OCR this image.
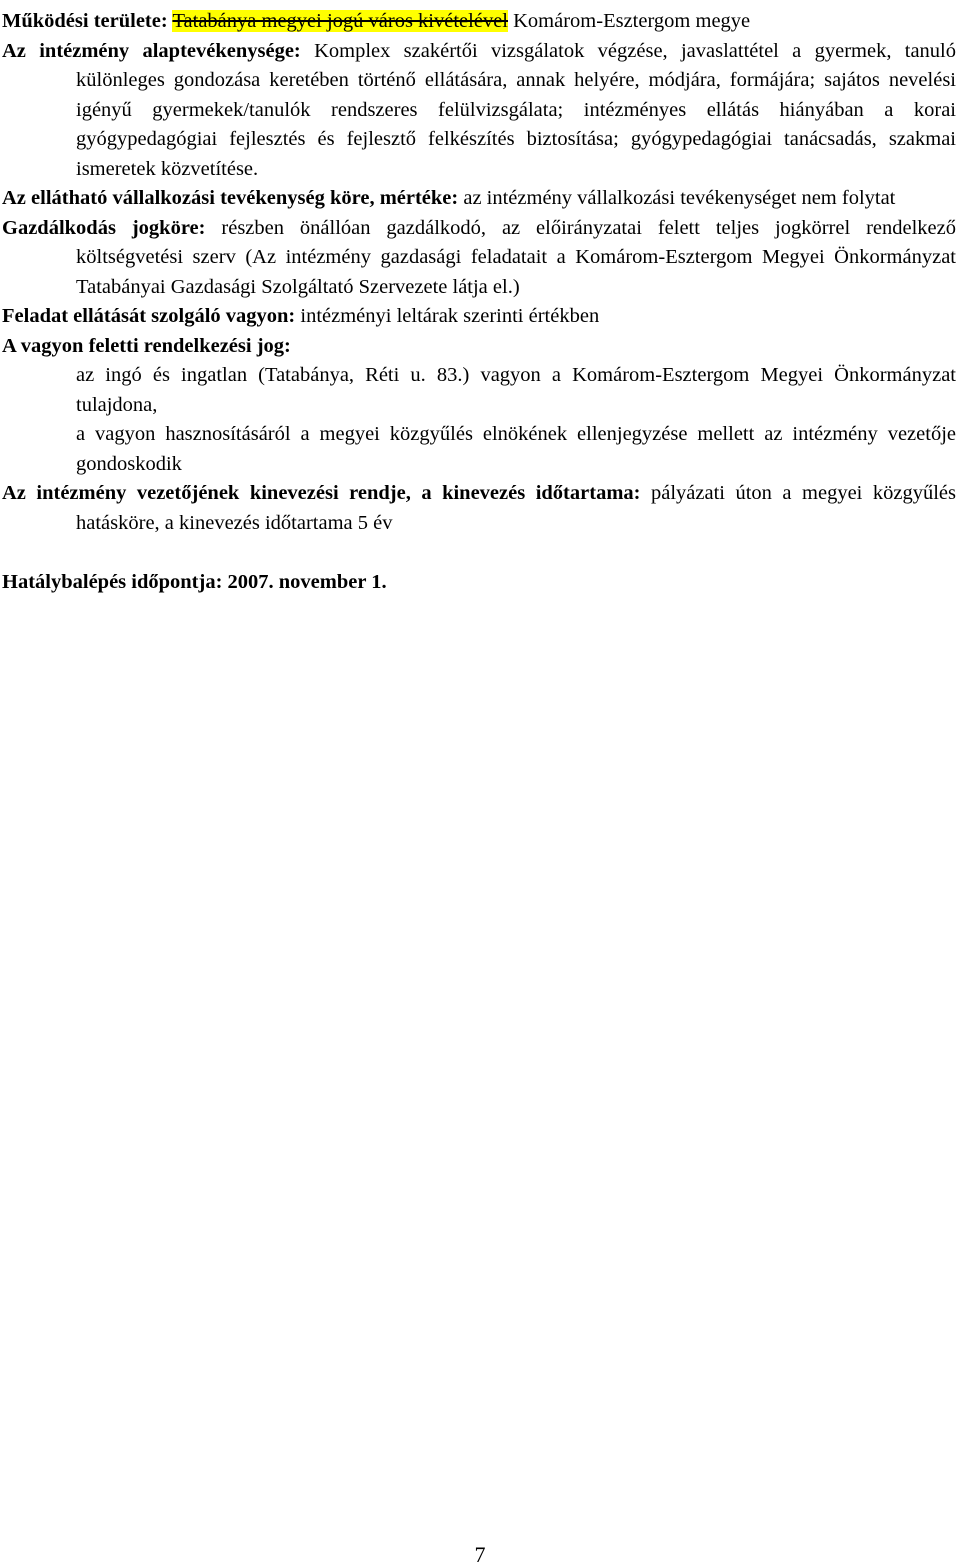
Működési területe: Tatabánya megyei jogú város kivételével Komárom-Esztergom megye

Az intézmény alaptevékenysége: Komplex szakértői vizsgálatok végzése, javaslattétel a gyermek, tanuló különleges gondozása keretében történő ellátására, annak helyére, módjára, formájára; sajátos nevelési igényű gyermekek/tanulók rendszeres felülvizsgálata; intézményes ellátás hiányában a korai gyógypedagógiai fejlesztés és fejlesztő felkészítés biztosítása; gyógypedagógiai tanácsadás, szakmai ismeretek közvetítése.

Az ellátható vállalkozási tevékenység köre, mértéke: az intézmény vállalkozási tevékenységet nem folytat

Gazdálkodás jogköre: részben önállóan gazdálkodó, az előirányzatai felett teljes jogkörrel rendelkező költségvetési szerv (Az intézmény gazdasági feladatait a Komárom-Esztergom Megyei Önkormányzat Tatabányai Gazdasági Szolgáltató Szervezete látja el.)

Feladat ellátását szolgáló vagyon: intézményi leltárak szerinti értékben

A vagyon feletti rendelkezési jog:

az ingó és ingatlan (Tatabánya, Réti u. 83.) vagyon a Komárom-Esztergom Megyei Önkormányzat tulajdona,

a vagyon hasznosításáról a megyei közgyűlés elnökének ellenjegyzése mellett az intézmény vezetője gondoskodik

Az intézmény vezetőjének kinevezési rendje, a kinevezés időtartama: pályázati úton a megyei közgyűlés hatásköre, a kinevezés időtartama 5 év

Hatálybalépés időpontja: 2007. november 1.

7
